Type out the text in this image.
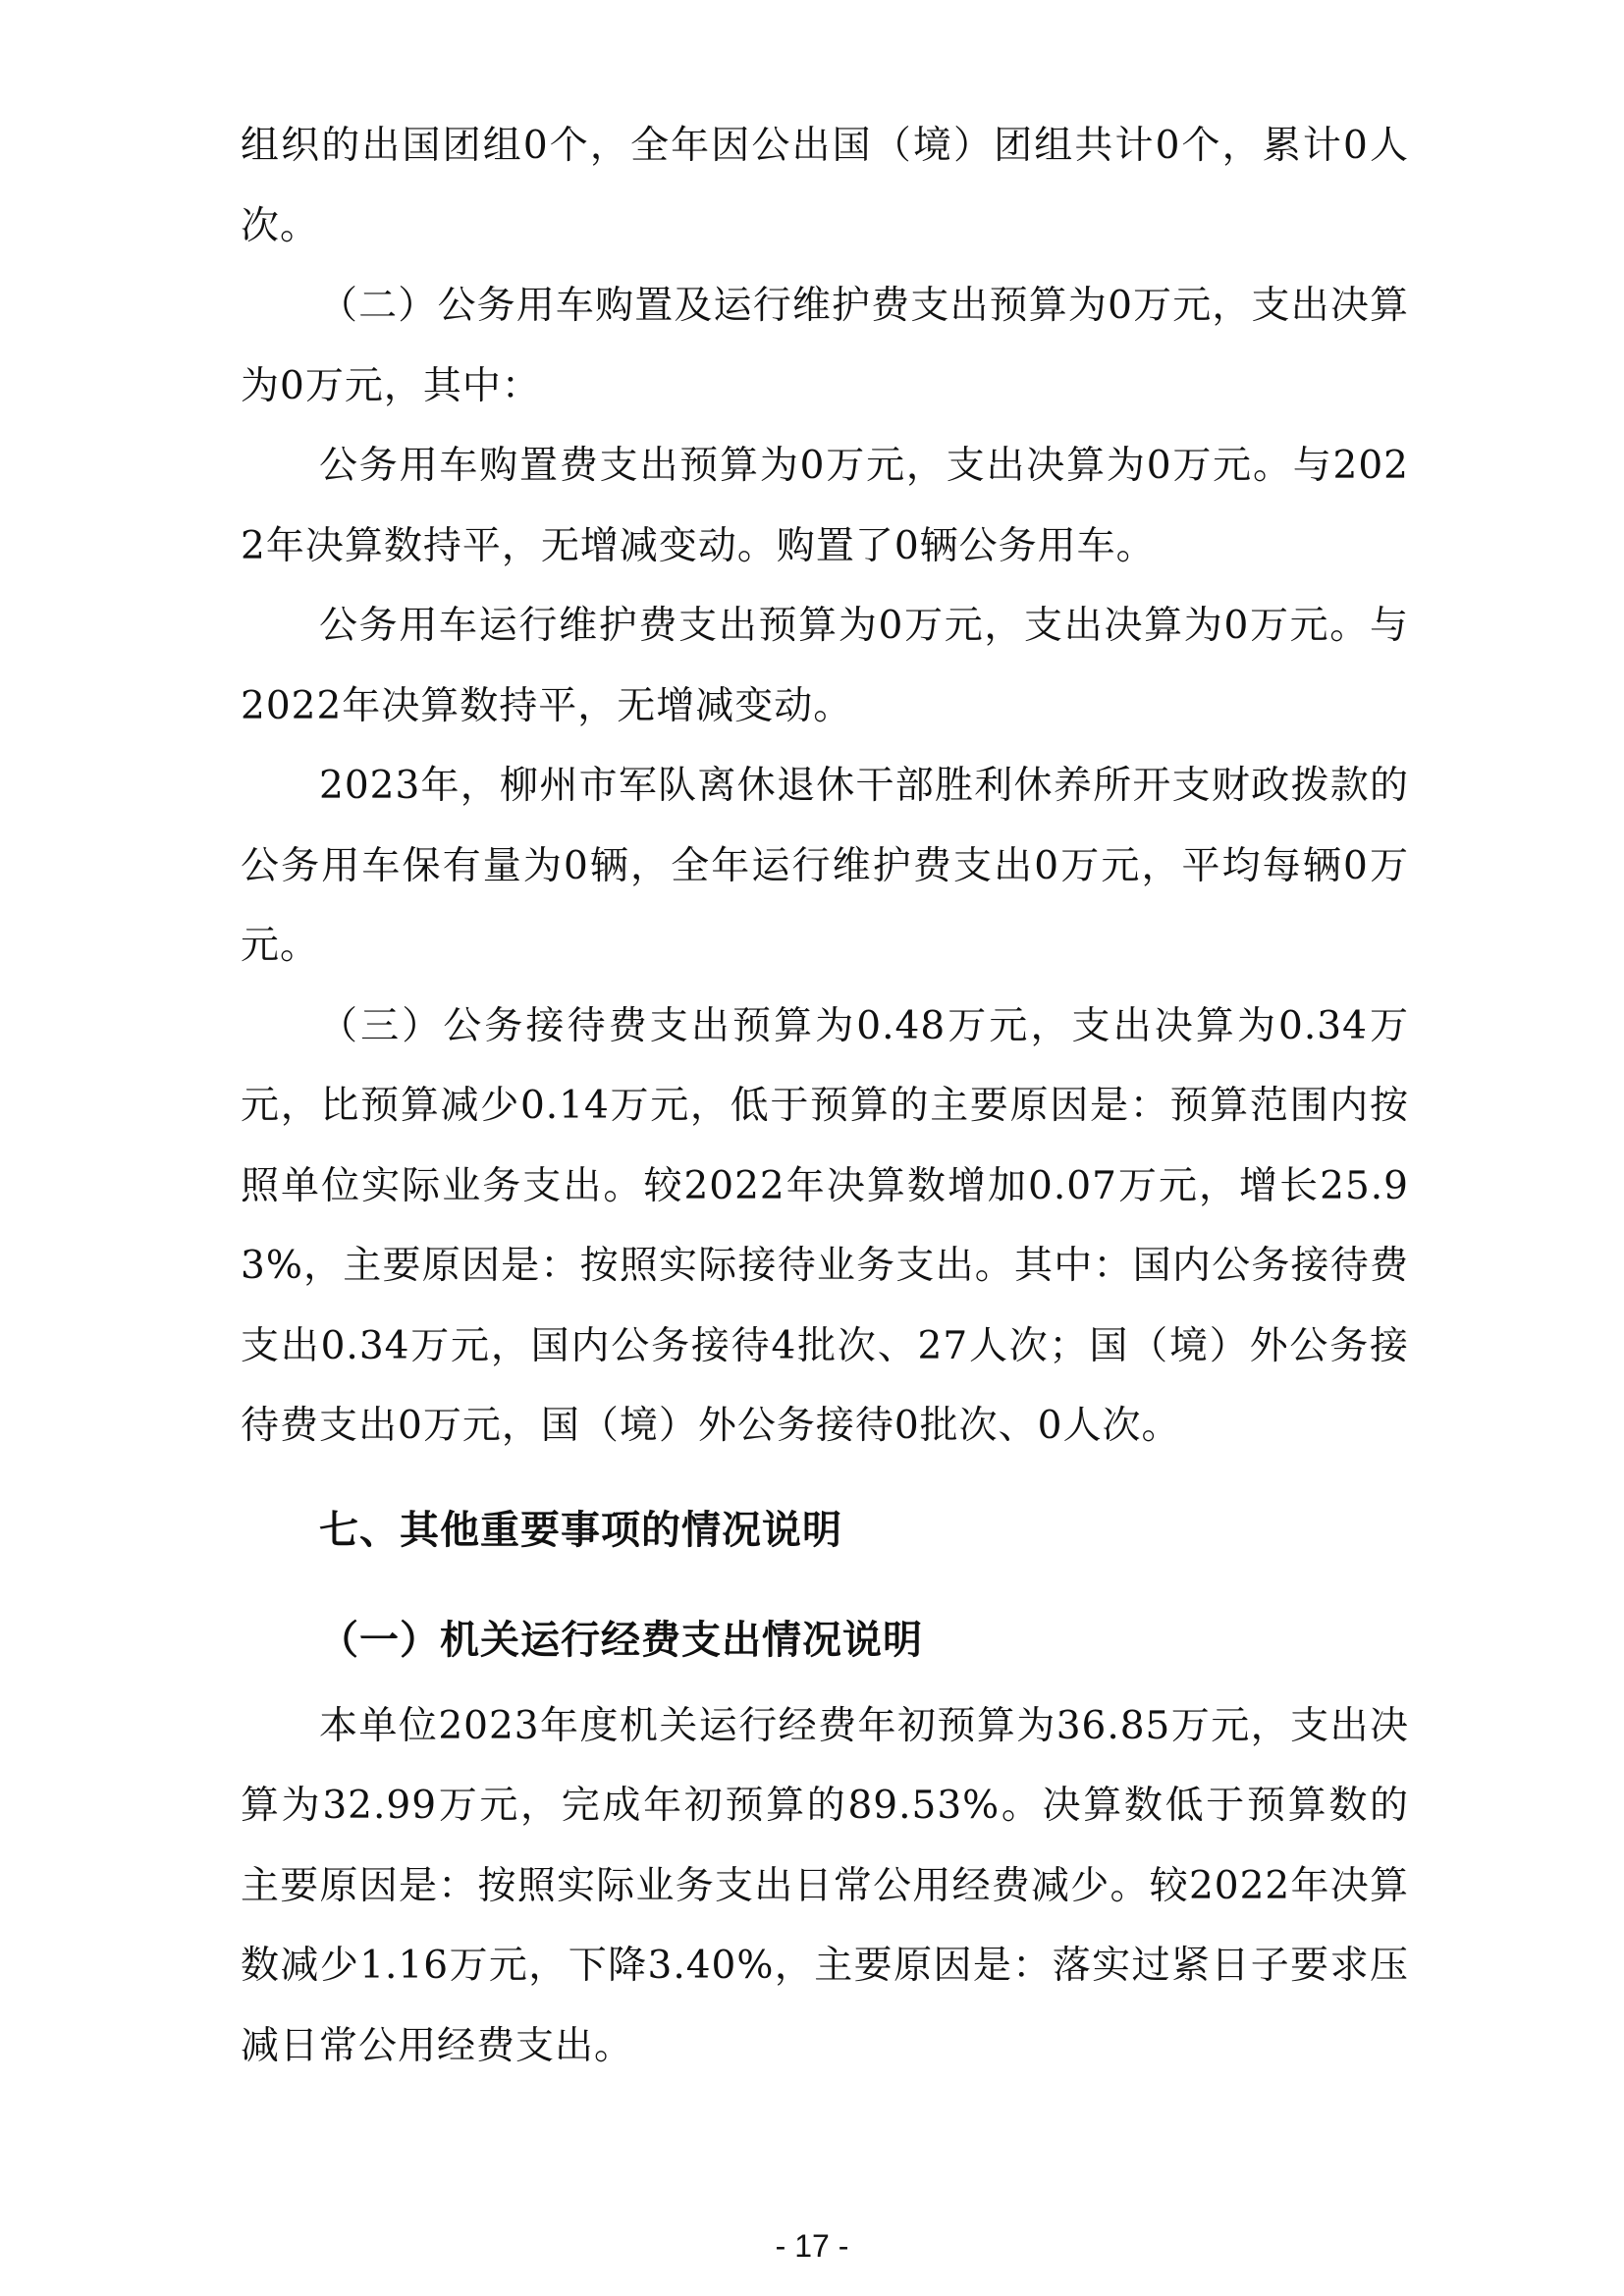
组织的出国团组0个，全年因公出国（境）团组共计0个，累计0人次。

（二）公务用车购置及运行维护费支出预算为0万元，支出决算为0万元，其中：

公务用车购置费支出预算为0万元，支出决算为0万元。与2022年决算数持平，无增减变动。购置了0辆公务用车。

公务用车运行维护费支出预算为0万元，支出决算为0万元。与2022年决算数持平，无增减变动。

2023年，柳州市军队离休退休干部胜利休养所开支财政拨款的公务用车保有量为0辆，全年运行维护费支出0万元，平均每辆0万元。

（三）公务接待费支出预算为0.48万元，支出决算为0.34万元，比预算减少0.14万元，低于预算的主要原因是：预算范围内按照单位实际业务支出。较2022年决算数增加0.07万元，增长25.93%，主要原因是：按照实际接待业务支出。其中：国内公务接待费支出0.34万元，国内公务接待4批次、27人次；国（境）外公务接待费支出0万元，国（境）外公务接待0批次、0人次。

七、其他重要事项的情况说明
（一）机关运行经费支出情况说明

本单位2023年度机关运行经费年初预算为36.85万元，支出决算为32.99万元，完成年初预算的89.53%。决算数低于预算数的主要原因是：按照实际业务支出日常公用经费减少。较2022年决算数减少1.16万元，下降3.40%，主要原因是：落实过紧日子要求压减日常公用经费支出。

- 17 -
